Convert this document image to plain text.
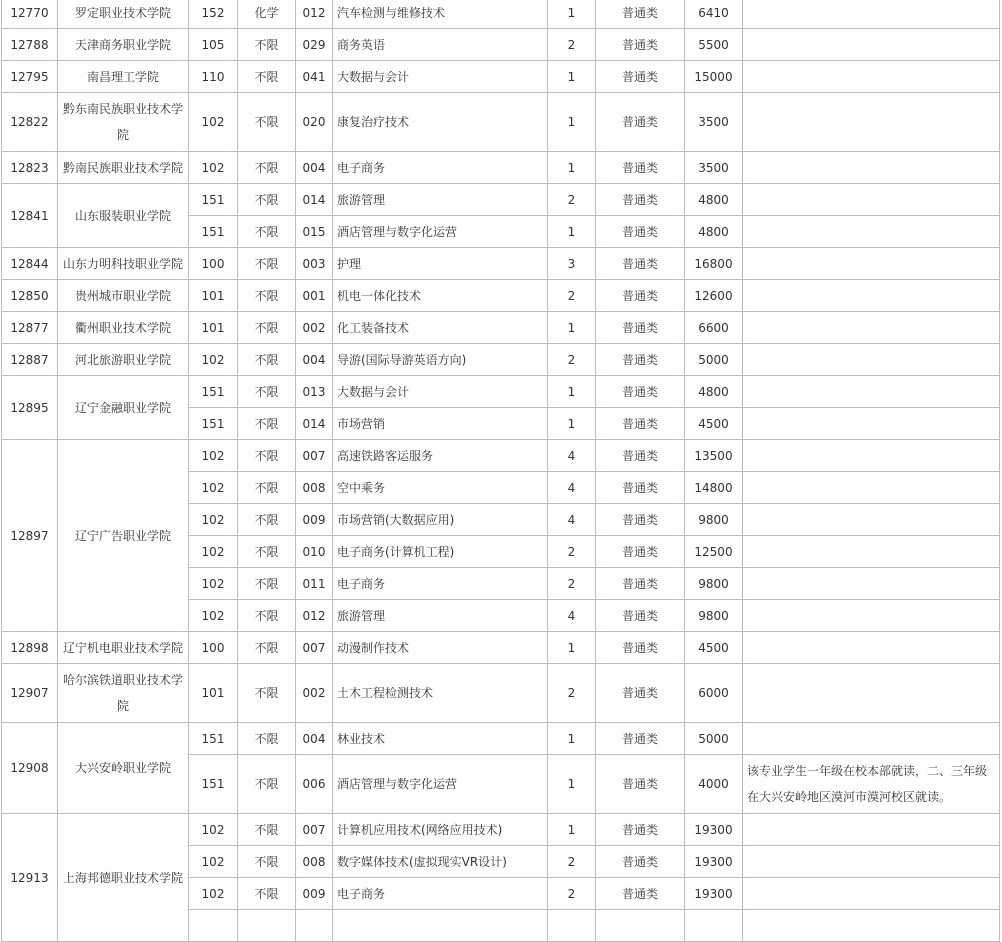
12770	罗定职业技术学院	152	化学	012	汽车检测与维修技术	1	普通类	6410	
12788	天津商务职业学院	105	不限	029	商务英语	2	普通类	5500	
12795	南昌理工学院	110	不限	041	大数据与会计	1	普通类	15000	
12822	黔东南民族职业技术学院	102	不限	020	康复治疗技术	1	普通类	3500	
12823	黔南民族职业技术学院	102	不限	004	电子商务	1	普通类	3500	
12841	山东服装职业学院	151	不限	014	旅游管理	2	普通类	4800	
		151	不限	015	酒店管理与数字化运营	1	普通类	4800	
12844	山东力明科技职业学院	100	不限	003	护理	3	普通类	16800	
12850	贵州城市职业学院	101	不限	001	机电一体化技术	2	普通类	12600	
12877	衢州职业技术学院	101	不限	002	化工装备技术	1	普通类	6600	
12887	河北旅游职业学院	102	不限	004	导游(国际导游英语方向)	2	普通类	5000	
12895	辽宁金融职业学院	151	不限	013	大数据与会计	1	普通类	4800	
		151	不限	014	市场营销	1	普通类	4500	
12897	辽宁广告职业学院	102	不限	007	高速铁路客运服务	4	普通类	13500	
		102	不限	008	空中乘务	4	普通类	14800	
		102	不限	009	市场营销(大数据应用)	4	普通类	9800	
		102	不限	010	电子商务(计算机工程)	2	普通类	12500	
		102	不限	011	电子商务	2	普通类	9800	
		102	不限	012	旅游管理	4	普通类	9800	
12898	辽宁机电职业技术学院	100	不限	007	动漫制作技术	1	普通类	4500	
12907	哈尔滨铁道职业技术学院	101	不限	002	土木工程检测技术	2	普通类	6000	
12908	大兴安岭职业学院	151	不限	004	林业技术	1	普通类	5000	
		151	不限	006	酒店管理与数字化运营	1	普通类	4000	该专业学生一年级在校本部就读，二、三年级在大兴安岭地区漠河市漠河校区就读。
12913	上海邦德职业技术学院	102	不限	007	计算机应用技术(网络应用技术)	1	普通类	19300	
		102	不限	008	数字媒体技术(虚拟现实VR设计)	2	普通类	19300	
		102	不限	009	电子商务	2	普通类	19300	
